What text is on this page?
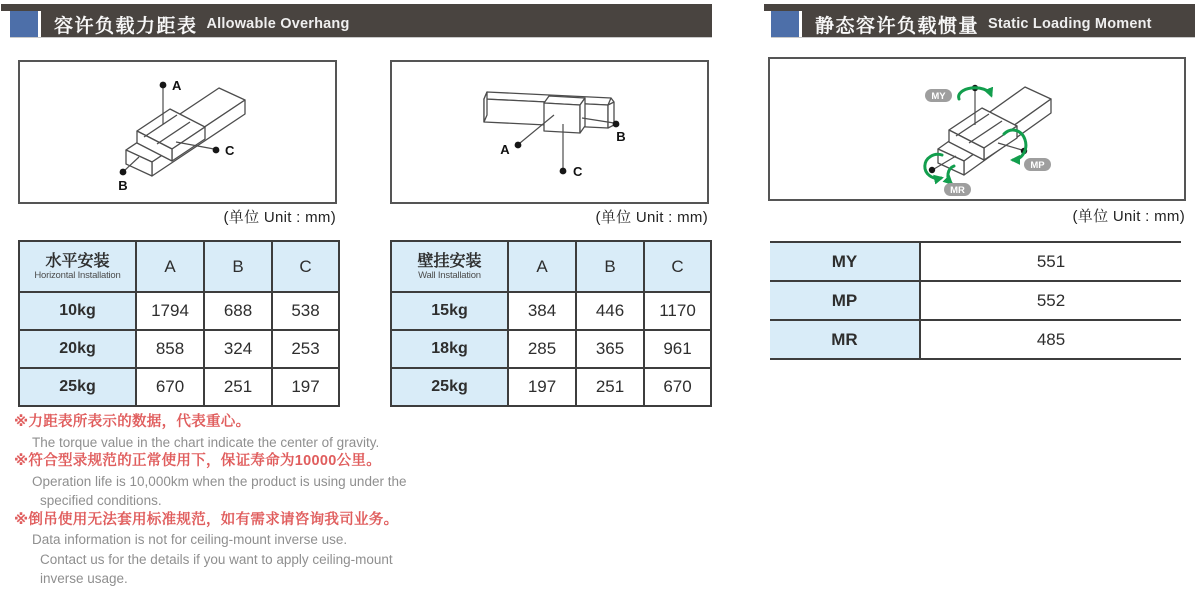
容许负载力距表 Allowable Overhang	静态容许负载惯量 Static Loading Moment
A
B
C
(单位 Unit : mm)
A
B
C
(单位 Unit : mm)
MY
MP
MR
(单位 Unit : mm)
水平安装
Horizontal Installation	A	B	C
10kg	1794	688	538
20kg	858	324	253
25kg	670	251	197
壁挂安装
Wall Installation	A	B	C
15kg	384	446	1170
18kg	285	365	961
25kg	197	251	670
MY	551
MP	552
MR	485
※力距表所表示的数据，代表重心。
The torque value in the chart indicate the center of gravity.
※符合型录规范的正常使用下，保证寿命为10000公里。
Operation life is 10,000km when the product is using under the
specified conditions.
※倒吊使用无法套用标准规范，如有需求请咨询我司业务。
Data information is not for ceiling-mount inverse use.
Contact us for the details if you want to apply ceiling-mount
inverse usage.
